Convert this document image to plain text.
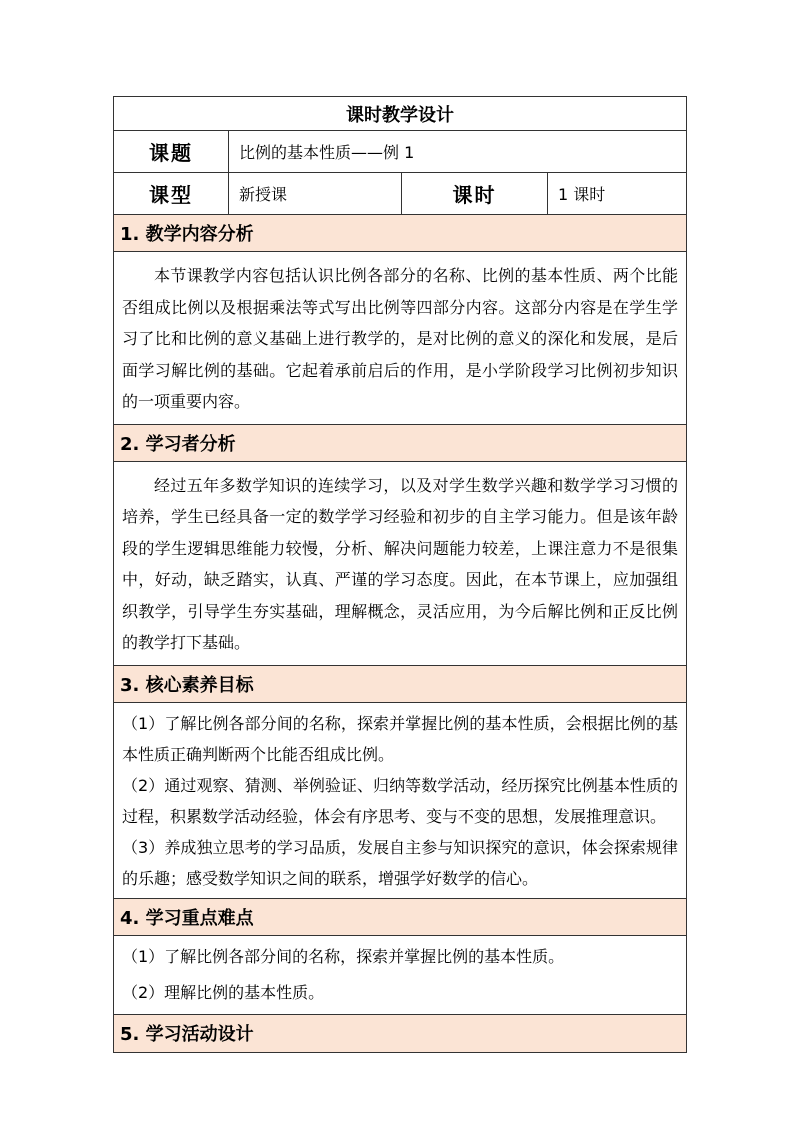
课时教学设计
课题	比例的基本性质——例 1
课型	新授课	课时	1 课时
1. 教学内容分析
本节课教学内容包括认识比例各部分的名称、比例的基本性质、两个比能否组成比例以及根据乘法等式写出比例等四部分内容。这部分内容是在学生学习了比和比例的意义基础上进行教学的，是对比例的意义的深化和发展，是后面学习解比例的基础。它起着承前启后的作用，是小学阶段学习比例初步知识的一项重要内容。
2. 学习者分析
经过五年多数学知识的连续学习，以及对学生数学兴趣和数学学习习惯的培养，学生已经具备一定的数学学习经验和初步的自主学习能力。但是该年龄段的学生逻辑思维能力较慢，分析、解决问题能力较差，上课注意力不是很集中，好动，缺乏踏实，认真、严谨的学习态度。因此，在本节课上，应加强组织教学，引导学生夯实基础，理解概念，灵活应用，为今后解比例和正反比例的教学打下基础。
3. 核心素养目标
（1）了解比例各部分间的名称，探索并掌握比例的基本性质，会根据比例的基本性质正确判断两个比能否组成比例。
（2）通过观察、猜测、举例验证、归纳等数学活动，经历探究比例基本性质的过程，积累数学活动经验，体会有序思考、变与不变的思想，发展推理意识。
（3）养成独立思考的学习品质，发展自主参与知识探究的意识，体会探索规律的乐趣；感受数学知识之间的联系，增强学好数学的信心。
4. 学习重点难点
（1）了解比例各部分间的名称，探索并掌握比例的基本性质。
（2）理解比例的基本性质。
5. 学习活动设计
